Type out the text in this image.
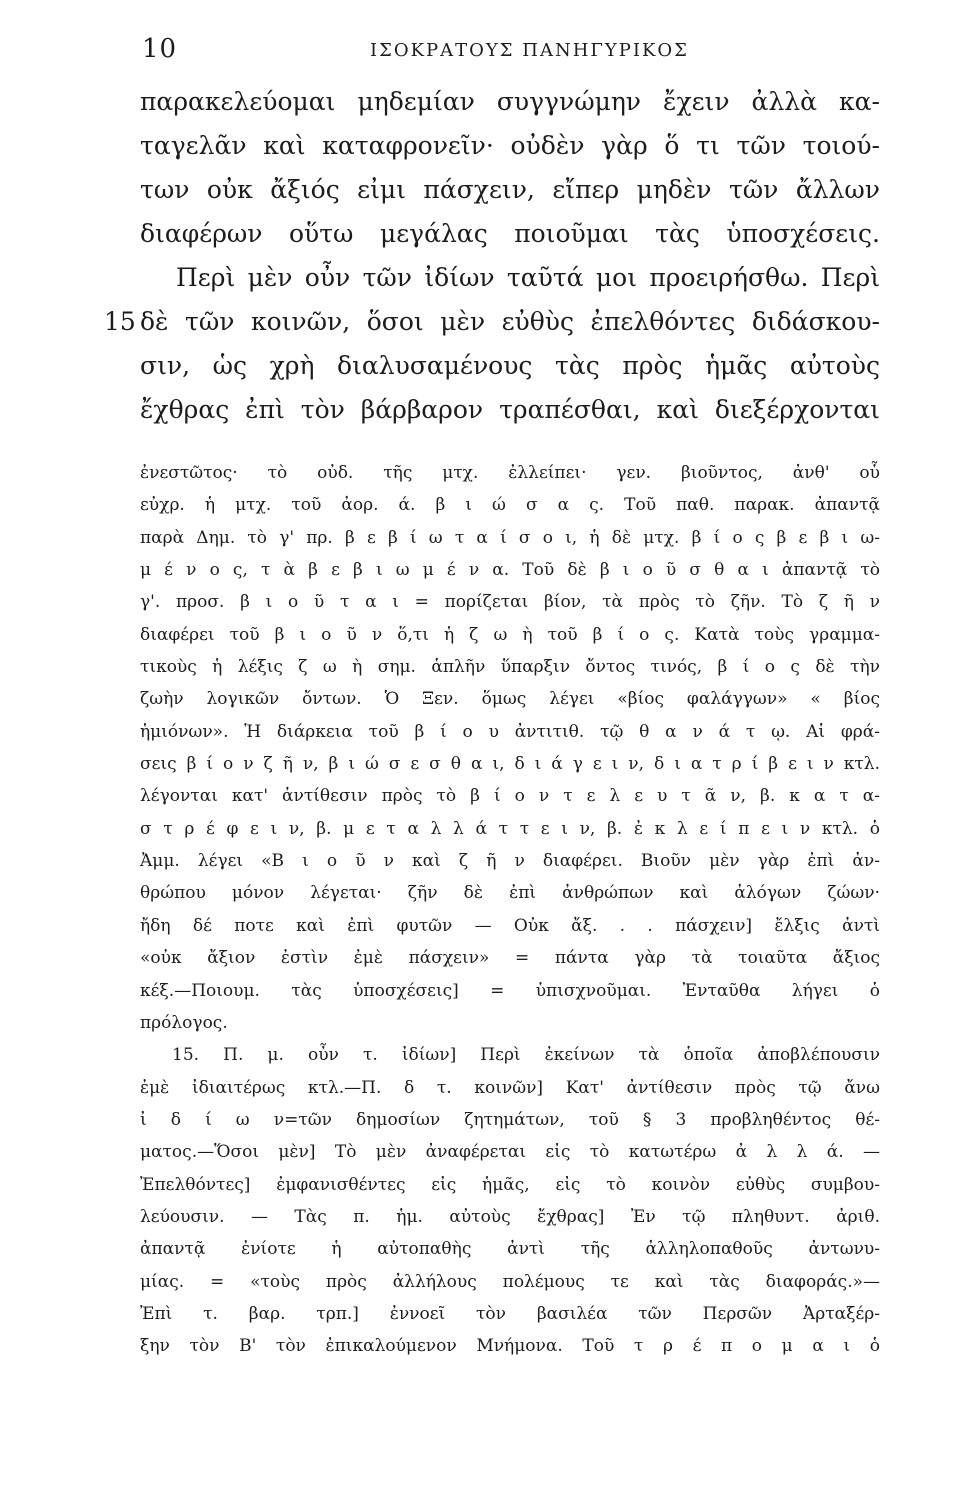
10	ΙΣΟΚΡΑΤΟΥΣ ΠΑΝΗΓΥΡΙΚΟΣ
15
παρακελεύομαι μηδεμίαν συγγνώμην ἔχειν ἀλλὰ κα-
ταγελᾶν καὶ καταφρονεῖν· οὐδὲν γὰρ ὅ τι τῶν τοιού-
των οὐκ ἄξιός εἰμι πάσχειν, εἴπερ μηδὲν τῶν ἄλλων
διαφέρων οὕτω μεγάλας ποιοῦμαι τὰς ὑποσχέσεις.
Περὶ μὲν οὖν τῶν ἰδίων ταῦτά μοι προειρήσθω. Περὶ
δὲ τῶν κοινῶν, ὅσοι μὲν εὐθὺς ἐπελθόντες διδάσκου-
σιν, ὡς χρὴ διαλυσαμένους τὰς πρὸς ἡμᾶς αὐτοὺς
ἔχθρας ἐπὶ τὸν βάρβαρον τραπέσθαι, καὶ διεξέρχονται
ἐνεστῶτος· τὸ οὐδ. τῆς μτχ. ἐλλείπει· γεν. βιοῦντος, ἀνθ' οὗ
εὐχρ. ἡ μτχ. τοῦ ἀορ. ά. β ι ώ σ α ς. Τοῦ παθ. παρακ. ἀπαντᾷ
παρὰ Δημ. τὸ γ' πρ. β ε β ί ω τ α ί σ ο ι, ἡ δὲ μτχ. β ί ο ς β ε β ι ω-
μ έ ν ο ς, τ ὰ β ε β ι ω μ έ ν α. Τοῦ δὲ β ι ο ῦ σ θ α ι ἀπαντᾷ τὸ
γ'. προσ. β ι ο ῦ τ α ι = πορίζεται βίον, τὰ πρὸς τὸ ζῆν. Τὸ ζ ῆ ν
διαφέρει τοῦ β ι ο ῦ ν ὅ,τι ἡ ζ ω ὴ τοῦ β ί ο ς. Κατὰ τοὺς γραμμα-
τικοὺς ἡ λέξις ζ ω ὴ σημ. ἁπλῆν ὕπαρξιν ὄντος τινός, β ί ο ς δὲ τὴν
ζωὴν λογικῶν ὄντων. Ὁ Ξεν. ὅμως λέγει «βίος φαλάγγων» « βίος
ἡμιόνων». Ἡ διάρκεια τοῦ β ί ο υ ἀντιτιθ. τῷ θ α ν ά τ ῳ. Αἱ φρά-
σεις β ί ο ν ζ ῆ ν, β ι ώ σ ε σ θ α ι, δ ι ά γ ε ι ν, δ ι α τ ρ ί β ε ι ν κτλ.
λέγονται κατ' ἀντίθεσιν πρὸς τὸ β ί ο ν τ ε λ ε υ τ ᾶ ν, β. κ α τ α-
σ τ ρ έ φ ε ι ν, β. μ ε τ α λ λ ά τ τ ε ι ν, β. ἐ κ λ ε ί π ε ι ν κτλ. ὁ
Ἀμμ. λέγει «Β ι ο ῦ ν καὶ ζ ῆ ν διαφέρει. Βιοῦν μὲν γὰρ ἐπὶ ἀν-
θρώπου μόνον λέγεται· ζῆν δὲ ἐπὶ ἀνθρώπων καὶ ἀλόγων ζώων·
ἤδη δέ ποτε καὶ ἐπὶ φυτῶν — Οὐκ ἄξ. . . πάσχειν] ἔλξις ἀντὶ
«οὐκ ἄξιον ἐστὶν ἐμὲ πάσχειν» = πάντα γὰρ τὰ τοιαῦτα ἄξιος
κέξ.—Ποιουμ. τὰς ὑποσχέσεις] = ὑπισχνοῦμαι. Ἐνταῦθα λήγει ὁ
πρόλογος.
15. Π. μ. οὖν τ. ἰδίων] Περὶ ἐκείνων τὰ ὁποῖα ἀποβλέπουσιν
ἐμὲ ἰδιαιτέρως κτλ.—Π. δ τ. κοινῶν] Κατ' ἀντίθεσιν πρὸς τῷ ἄνω
ἰ δ ί ω ν=τῶν δημοσίων ζητημάτων, τοῦ § 3 προβληθέντος θέ-
ματος.—Ὅσοι μὲν] Τὸ μὲν ἀναφέρεται εἰς τὸ κατωτέρω ἀ λ λ ά. —
Ἐπελθόντες] ἐμφανισθέντες εἰς ἡμᾶς, εἰς τὸ κοινὸν εὐθὺς συμβου-
λεύουσιν. — Τὰς π. ἡμ. αὐτοὺς ἔχθρας] Ἐν τῷ πληθυντ. ἀριθ.
ἀπαντᾷ ἐνίοτε ἡ αὐτοπαθὴς ἀντὶ τῆς ἀλληλοπαθοῦς ἀντωνυ-
μίας. = «τοὺς πρὸς ἀλλήλους πολέμους τε καὶ τὰς διαφοράς.»—
Ἐπὶ τ. βαρ. τρπ.] ἐννοεῖ τὸν βασιλέα τῶν Περσῶν Ἀρταξέρ-
ξην τὸν Β' τὸν ἐπικαλούμενον Μνήμονα. Τοῦ τ ρ έ π ο μ α ι ὁ
